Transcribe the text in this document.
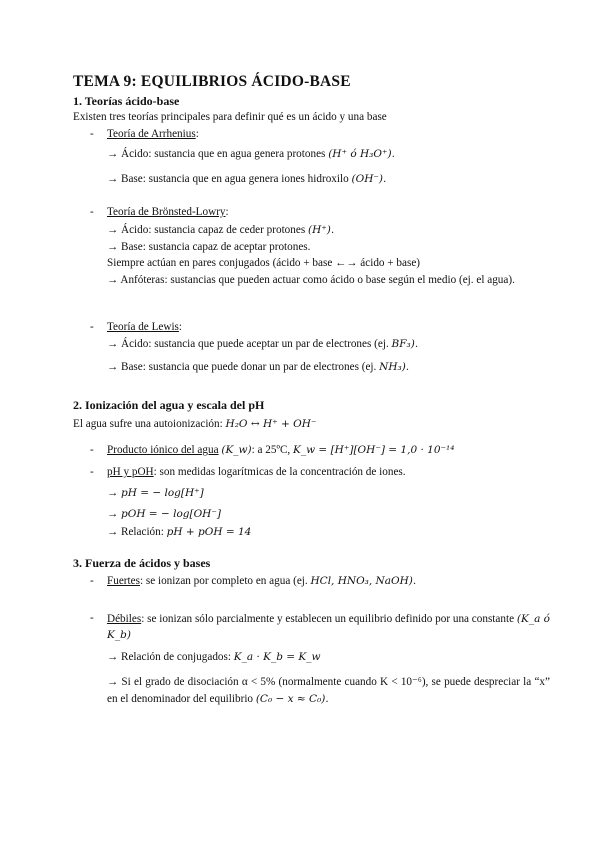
TEMA 9: EQUILIBRIOS ÁCIDO-BASE
1. Teorías ácido-base
Existen tres teorías principales para definir qué es un ácido y una base
- Teoría de Arrhenius:
→ Ácido: sustancia que en agua genera protones (H⁺ ó H₃O⁺).
→ Base: sustancia que en agua genera iones hidroxilo (OH⁻).
- Teoría de Brönsted-Lowry:
→ Ácido: sustancia capaz de ceder protones (H⁺).
→ Base: sustancia capaz de aceptar protones.
Siempre actúan en pares conjugados (ácido + base ←→ ácido + base)
→ Anfóteras: sustancias que pueden actuar como ácido o base según el medio (ej. el agua).
- Teoría de Lewis:
→ Ácido: sustancia que puede aceptar un par de electrones (ej. BF₃).
→ Base: sustancia que puede donar un par de electrones (ej. NH₃).
2. Ionización del agua y escala del pH
El agua sufre una autoionización: H₂O ↔ H⁺ + OH⁻
- Producto iónico del agua (K_w): a 25ºC, K_w = [H⁺][OH⁻] = 1,0 · 10⁻¹⁴
- pH y pOH: son medidas logarítmicas de la concentración de iones.
→ pH = − log[H⁺]
→ pOH = − log[OH⁻]
→ Relación: pH + pOH = 14
3. Fuerza de ácidos y bases
- Fuertes: se ionizan por completo en agua (ej. HCl, HNO₃, NaOH).
- Débiles: se ionizan sólo parcialmente y establecen un equilibrio definido por una constante (K_a ó K_b)
→ Relación de conjugados: K_a · K_b = K_w
→ Si el grado de disociación α < 5% (normalmente cuando K < 10⁻⁶), se puede despreciar la “x” en el denominador del equilibrio (C₀ − x ≈ C₀).
